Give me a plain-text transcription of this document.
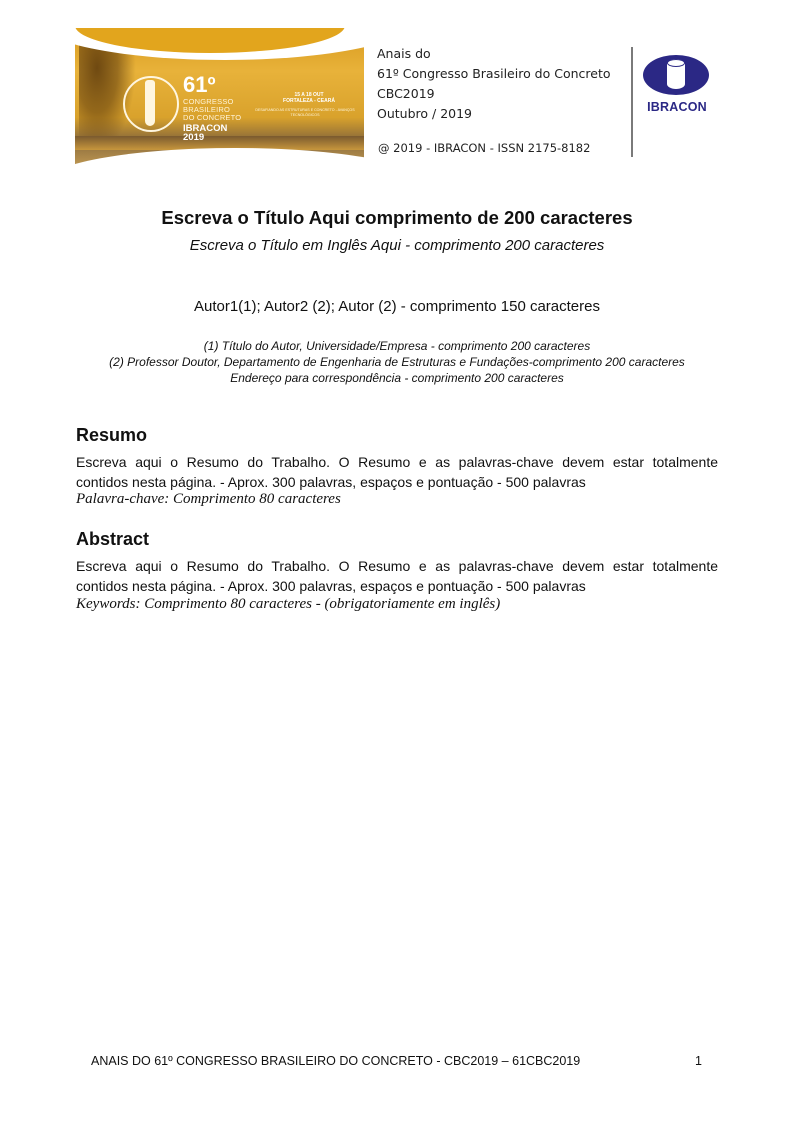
61º
CONGRESSO
BRASILEIRO
DO CONCRETO
IBRACON
2019
15 A 18 OUT
FORTALEZA - CEARÁ
DESAFIANDO AS ESTRUTURAS E CONCRETO - AVANÇOS TECNOLÓGICOS
Anais do
61º Congresso Brasileiro do Concreto
CBC2019
Outubro / 2019
@ 2019 - IBRACON - ISSN 2175-8182
IBRACON
Escreva o Título Aqui comprimento de 200 caracteres
Escreva o Título em Inglês Aqui - comprimento 200 caracteres
Autor1(1); Autor2 (2); Autor (2) - comprimento 150 caracteres
(1) Título do Autor, Universidade/Empresa - comprimento 200 caracteres
(2) Professor Doutor, Departamento de Engenharia de Estruturas e Fundações-comprimento 200 caracteres
Endereço para correspondência - comprimento 200 caracteres
Resumo
Escreva aqui o Resumo do Trabalho. O Resumo e as palavras-chave devem estar totalmente
contidos nesta página. - Aprox. 300 palavras, espaços e pontuação - 500 palavras
Palavra-chave: Comprimento 80 caracteres
Abstract
Escreva aqui o Resumo do Trabalho. O Resumo e as palavras-chave devem estar totalmente
contidos nesta página. - Aprox. 300 palavras, espaços e pontuação - 500 palavras
Keywords: Comprimento 80 caracteres - (obrigatoriamente em inglês)
ANAIS DO 61º CONGRESSO BRASILEIRO DO CONCRETO - CBC2019 – 61CBC2019	1
